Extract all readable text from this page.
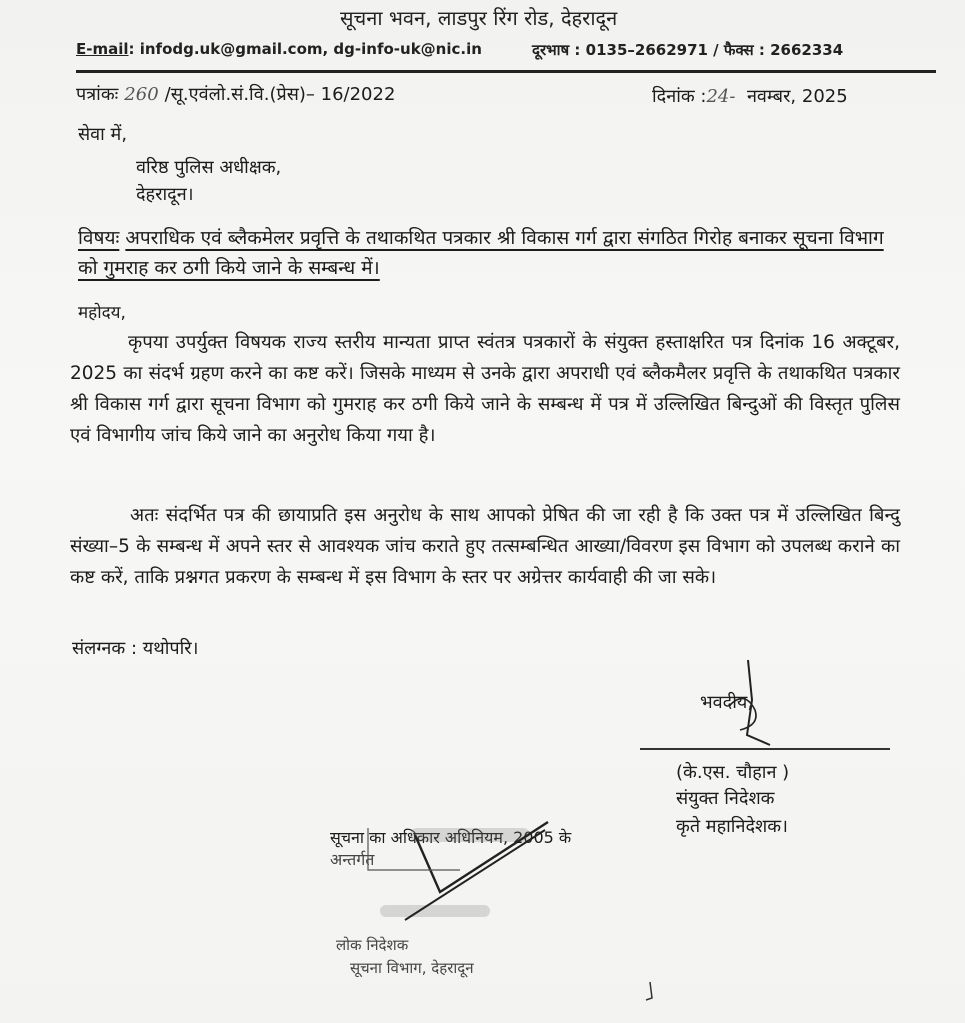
सूचना भवन, लाडपुर रिंग रोड, देहरादून
E-mail: infodg.uk@gmail.com, dg-info-uk@nic.in	दूरभाष : 0135–2662971 / फैक्स : 2662334
पत्रांकः 260 /सू.एवंलो.सं.वि.(प्रेस)– 16/2022	दिनांक :24- नवम्बर, 2025
सेवा में,
वरिष्ठ पुलिस अधीक्षक,
देहरादून।
विषयः अपराधिक एवं ब्लैकमेलर प्रवृत्ति के तथाकथित पत्रकार श्री विकास गर्ग द्वारा संगठित गिरोह बनाकर सूचना विभाग को गुमराह कर ठगी किये जाने के सम्बन्ध में।
महोदय,
कृपया उपर्युक्त विषयक राज्य स्तरीय मान्यता प्राप्त स्वंतत्र पत्रकारों के संयुक्त हस्ताक्षरित पत्र दिनांक 16 अक्टूबर, 2025 का संदर्भ ग्रहण करने का कष्ट करें। जिसके माध्यम से उनके द्वारा अपराधी एवं ब्लैकमैलर प्रवृत्ति के तथाकथित पत्रकार श्री विकास गर्ग द्वारा सूचना विभाग को गुमराह कर ठगी किये जाने के सम्बन्ध में पत्र में उल्लिखित बिन्दुओं की विस्तृत पुलिस एवं विभागीय जांच किये जाने का अनुरोध किया गया है।
अतः संदर्भित पत्र की छायाप्रति इस अनुरोध के साथ आपको प्रेषित की जा रही है कि उक्त पत्र में उल्लिखित बिन्दु संख्या–5 के सम्बन्ध में अपने स्तर से आवश्यक जांच कराते हुए तत्सम्बन्धित आख्या/विवरण इस विभाग को उपलब्ध कराने का कष्ट करें, ताकि प्रश्नगत प्रकरण के सम्बन्ध में इस विभाग के स्तर पर अग्रेत्तर कार्यवाही की जा सके।
संलग्नक : यथोपरि।
भवदीय,
(के.एस. चौहान )
संयुक्त निदेशक
कृते महानिदेशक।
सूचना का अधिकार अधिनियम, 2005 के
अन्तर्गत
लोक निदेशक
सूचना विभाग, देहरादून
